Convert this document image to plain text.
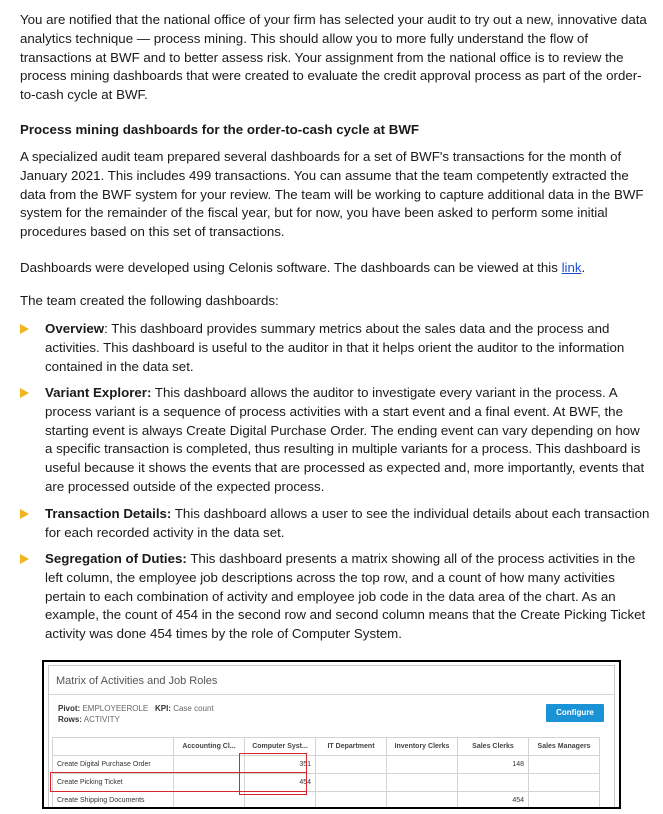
You are notified that the national office of your firm has selected your audit to try out a new, innovative data analytics technique — process mining. This should allow you to more fully understand the flow of transactions at BWF and to better assess risk. Your assignment from the national office is to review the process mining dashboards that were created to evaluate the credit approval process as part of the order-to-cash cycle at BWF.

Process mining dashboards for the order-to-cash cycle at BWF

A specialized audit team prepared several dashboards for a set of BWF's transactions for the month of January 2021. This includes 499 transactions. You can assume that the team competently extracted the data from the BWF system for your review. The team will be working to capture additional data in the BWF system for the remainder of the fiscal year, but for now, you have been asked to perform some initial procedures based on this set of transactions.

Dashboards were developed using Celonis software. The dashboards can be viewed at this link.

The team created the following dashboards:

Overview: This dashboard provides summary metrics about the sales data and the process and activities. This dashboard is useful to the auditor in that it helps orient the auditor to the information contained in the data set.

Variant Explorer: This dashboard allows the auditor to investigate every variant in the process. A process variant is a sequence of process activities with a start event and a final event. At BWF, the starting event is always Create Digital Purchase Order. The ending event can vary depending on how a specific transaction is completed, thus resulting in multiple variants for a process. This dashboard is useful because it shows the events that are processed as expected and, more importantly, events that are processed outside of the expected process.

Transaction Details: This dashboard allows a user to see the individual details about each transaction for each recorded activity in the data set.

Segregation of Duties: This dashboard presents a matrix showing all of the process activities in the left column, the employee job descriptions across the top row, and a count of how many activities pertain to each combination of activity and employee job code in the data area of the chart. As an example, the count of 454 in the second row and second column means that the Create Picking Ticket activity was done 454 times by the role of Computer System.

Matrix of Activities and Job Roles
Pivot: EMPLOYEEROLE KPI: Case count
Rows: ACTIVITY
Configure
	Accounting Cl...	Computer Syst...	IT Department	Inventory Clerks	Sales Clerks	Sales Managers
Create Digital Purchase Order		351			148	
Create Picking Ticket		454				
Create Shipping Documents					454	
